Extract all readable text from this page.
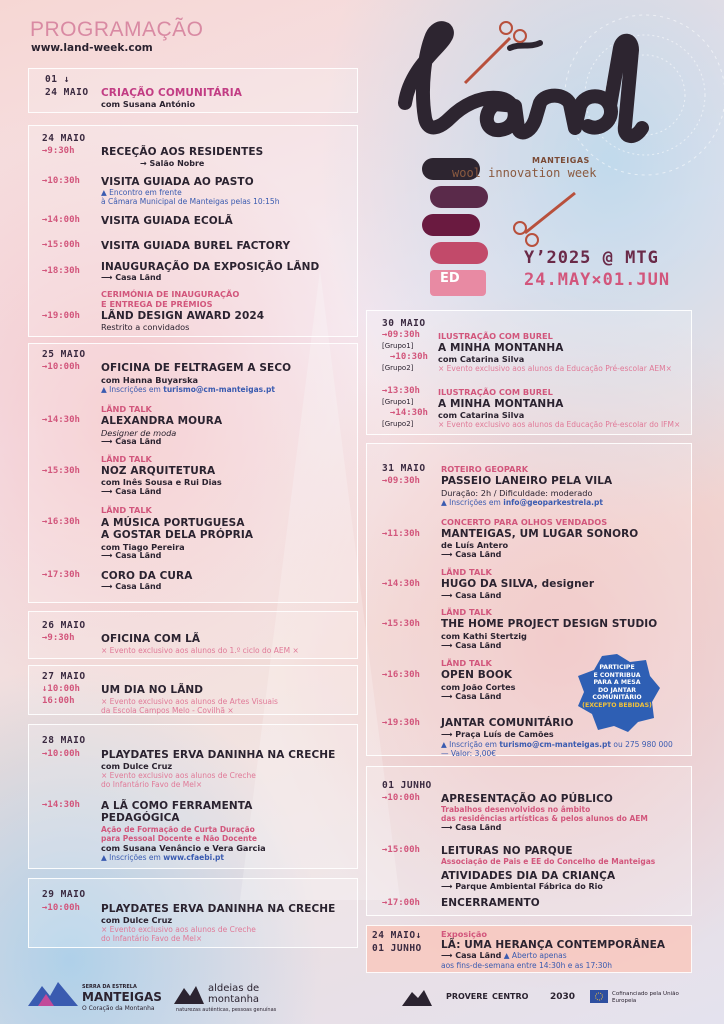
PROGRAMAÇÃO
www.land-week.com
MANTEIGAS
wool innovation week
ED
Y’2025 @ MTG
24.MAY×01.JUN
01 ↓
24 MAIO CRIAÇÃO COMUNITÁRIA
com Susana António
24 MAIO
→9:30h	RECEÇÃO AOS RESIDENTES
→ Salão Nobre
→10:30h VISITA GUIADA AO PASTO
▲ Encontro em frente
à Câmara Municipal de Manteigas pelas 10:15h
→14:00h VISITA GUIADA ECOLÃ
→15:00h VISITA GUIADA BUREL FACTORY
→18:30h INAUGURAÇÃO DA EXPOSIÇÃO LÃND
⟶ Casa Lãnd
CERIMÓNIA DE INAUGURAÇÃO
E ENTREGA DE PRÉMIOS
→19:00h LÃND DESIGN AWARD 2024
Restrito a convidados
25 MAIO
→10:00h OFICINA DE FELTRAGEM A SECO
com Hanna Buyarska
▲ Inscrições em turismo@cm-manteigas.pt
LÃND TALK
→14:30h ALEXANDRA MOURA
Designer de moda
⟶ Casa Lãnd
LÃND TALK
→15:30h NOZ ARQUITETURA
com Inês Sousa e Rui Dias
⟶ Casa Lãnd
LÃND TALK
→16:30h A MÚSICA PORTUGUESA
A GOSTAR DELA PRÓPRIA
com Tiago Pereira
⟶ Casa Lãnd
→17:30h CORO DA CURA
⟶ Casa Lãnd
26 MAIO
→9:30h	OFICINA COM LÃ
× Evento exclusivo aos alunos do 1.º ciclo do AEM ×
27 MAIO
↓10:00h
16:00h
UM DIA NO LÃND
× Evento exclusivo aos alunos de Artes Visuais
da Escola Campos Melo - Covilhã ×
28 MAIO
→10:00h PLAYDATES ERVA DANINHA NA CRECHE
com Dulce Cruz
× Evento exclusivo aos alunos de Creche
do Infantário Favo de Mel×
→14:30h A LÃ COMO FERRAMENTA
PEDAGÓGICA
Ação de Formação de Curta Duração
para Pessoal Docente e Não Docente
com Susana Venâncio e Vera Garcia
▲ Inscrições em www.cfaebi.pt
29 MAIO
→10:00h PLAYDATES ERVA DANINHA NA CRECHE
com Dulce Cruz
× Evento exclusivo aos alunos de Creche
do Infantário Favo de Mel×
30 MAIO
→09:30h
[Grupo1]
→10:30h
[Grupo2]
ILUSTRAÇÃO COM BUREL
A MINHA MONTANHA
com Catarina Silva
× Evento exclusivo aos alunos da Educação Pré-escolar AEM×
→13:30h
[Grupo1]
→14:30h
[Grupo2]
ILUSTRAÇÃO COM BUREL
A MINHA MONTANHA
com Catarina Silva
× Evento exclusivo aos alunos da Educação Pré-escolar do IFM×
31 MAIO ROTEIRO GEOPARK
→09:30h PASSEIO LANEIRO PELA VILA
Duração: 2h / Dificuldade: moderado
▲ Inscrições em info@geoparkestrela.pt
CONCERTO PARA OLHOS VENDADOS
→11:30h MANTEIGAS, UM LUGAR SONORO
de Luís Antero
⟶ Casa Lãnd
LÃND TALK
→14:30h HUGO DA SILVA, designer
⟶ Casa Lãnd
LÃND TALK
→15:30h THE HOME PROJECT DESIGN STUDIO
com Kathi Stertzig
⟶ Casa Lãnd
LÃND TALK
→16:30h OPEN BOOK
com João Cortes
⟶ Casa Lãnd
→19:30h JANTAR COMUNITÁRIO
⟶ Praça Luís de Camões
▲ Inscrição em turismo@cm-manteigas.pt ou 275 980 000
— Valor: 3,00€
PARTICIPE
E CONTRIBUA
PARA A MESA
DO JANTAR
COMUNITÁRIO
(EXCEPTO BEBIDAS)
01 JUNHO
→10:00h APRESENTAÇÃO AO PÚBLICO
Trabalhos desenvolvidos no âmbito
das residências artísticas & pelos alunos do AEM
⟶ Casa Lãnd
→15:00h LEITURAS NO PARQUE
Associação de Pais e EE do Concelho de Manteigas
ATIVIDADES DIA DA CRIANÇA
⟶ Parque Ambiental Fábrica do Rio
→17:00h ENCERRAMENTO
24 MAIO↓
01 JUNHO
Exposição
LÃ: UMA HERANÇA CONTEMPORÂNEA
⟶ Casa Lãnd ▲ Aberto apenas
aos fins-de-semana entre 14:30h e as 17:30h
SERRA DA ESTRELA
MANTEIGAS
O Coração da Montanha
aldeias de
montanha
naturezas autênticas, pessoas genuínas
PROVERE CENTRO 2030	Cofinanciado pela União Europeia
